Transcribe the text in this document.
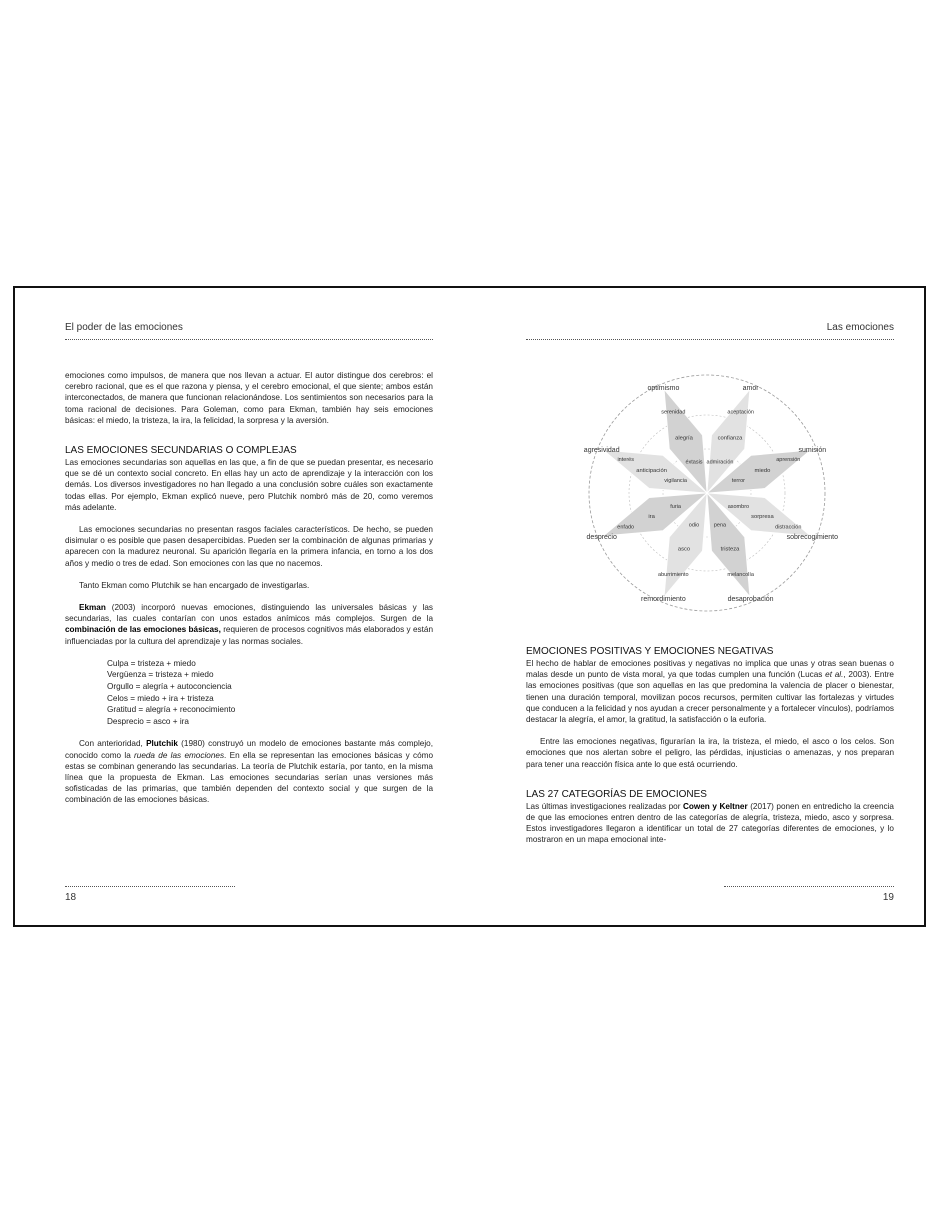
El poder de las emociones

emociones como impulsos, de manera que nos llevan a actuar. El autor distingue dos cerebros: el cerebro racional, que es el que razona y piensa, y el cerebro emocional, el que siente; ambos están interconectados, de manera que funcionan relacionándose. Los sentimientos son necesarios para la toma racional de decisiones. Para Goleman, como para Ekman, también hay seis emociones básicas: el miedo, la tristeza, la ira, la felicidad, la sorpresa y la aversión.

LAS EMOCIONES SECUNDARIAS O COMPLEJAS

Las emociones secundarias son aquellas en las que, a fin de que se puedan presentar, es necesario que se dé un contexto social concreto. En ellas hay un acto de aprendizaje y la interacción con los demás. Los diversos investigadores no han llegado a una conclusión sobre cuáles son exactamente todas ellas. Por ejemplo, Ekman explicó nueve, pero Plutchik nombró más de 20, como veremos más adelante.

Las emociones secundarias no presentan rasgos faciales característicos. De hecho, se pueden disimular o es posible que pasen desapercibidas. Pueden ser la combinación de algunas primarias y aparecen con la madurez neuronal. Su aparición llegaría en la primera infancia, en torno a los dos años y medio o tres de edad. Son emociones con las que no nacemos.

Tanto Ekman como Plutchik se han encargado de investigarlas.

Ekman (2003) incorporó nuevas emociones, distinguiendo las universales básicas y las secundarias, las cuales contarían con unos estados anímicos más complejos. Surgen de la combinación de las emociones básicas, requieren de procesos cognitivos más elaborados y están influenciadas por la cultura del aprendizaje y las normas sociales.

Culpa = tristeza + miedo
Vergüenza = tristeza + miedo
Orgullo = alegría + autoconciencia
Celos = miedo + ira + tristeza
Gratitud = alegría + reconocimiento
Desprecio = asco + ira

Con anterioridad, Plutchik (1980) construyó un modelo de emociones bastante más complejo, conocido como la rueda de las emociones. En ella se representan las emociones básicas y cómo estas se combinan generando las secundarias. La teoría de Plutchik estaría, por tanto, en la misma línea que la propuesta de Ekman. Las emociones secundarias serían unas versiones más sofisticadas de las primarias, que también dependen del contexto social y que surgen de la combinación de las emociones básicas.

18
Las emociones
serenidad
alegría
éxtasis
optimismo
aceptación
confianza
admiración
amor
aprensión
miedo
terror
sumisión
distracción
sorpresa
asombro
sobrecogimiento
melancolía
tristeza
pena
desaprobación
aburrimiento
asco
odio
remordimiento
enfado
ira
furia
desprecio
interés
anticipación
vigilancia
agresividad

EMOCIONES POSITIVAS Y EMOCIONES NEGATIVAS

El hecho de hablar de emociones positivas y negativas no implica que unas y otras sean buenas o malas desde un punto de vista moral, ya que todas cumplen una función (Lucas et al., 2003). Entre las emociones positivas (que son aquellas en las que predomina la valencia de placer o bienestar, tienen una duración temporal, movilizan pocos recursos, permiten cultivar las fortalezas y virtudes que conducen a la felicidad y nos ayudan a crecer personalmente y a fortalecer vínculos), podríamos destacar la alegría, el amor, la gratitud, la satisfacción o la euforia.

Entre las emociones negativas, figurarían la ira, la tristeza, el miedo, el asco o los celos. Son emociones que nos alertan sobre el peligro, las pérdidas, injusticias o amenazas, y nos preparan para tener una reacción física ante lo que está ocurriendo.

LAS 27 CATEGORÍAS DE EMOCIONES

Las últimas investigaciones realizadas por Cowen y Keltner (2017) ponen en entredicho la creencia de que las emociones entren dentro de las categorías de alegría, tristeza, miedo, asco y sorpresa. Estos investigadores llegaron a identificar un total de 27 categorías diferentes de emociones, y lo mostraron en un mapa emocional inte-

19
